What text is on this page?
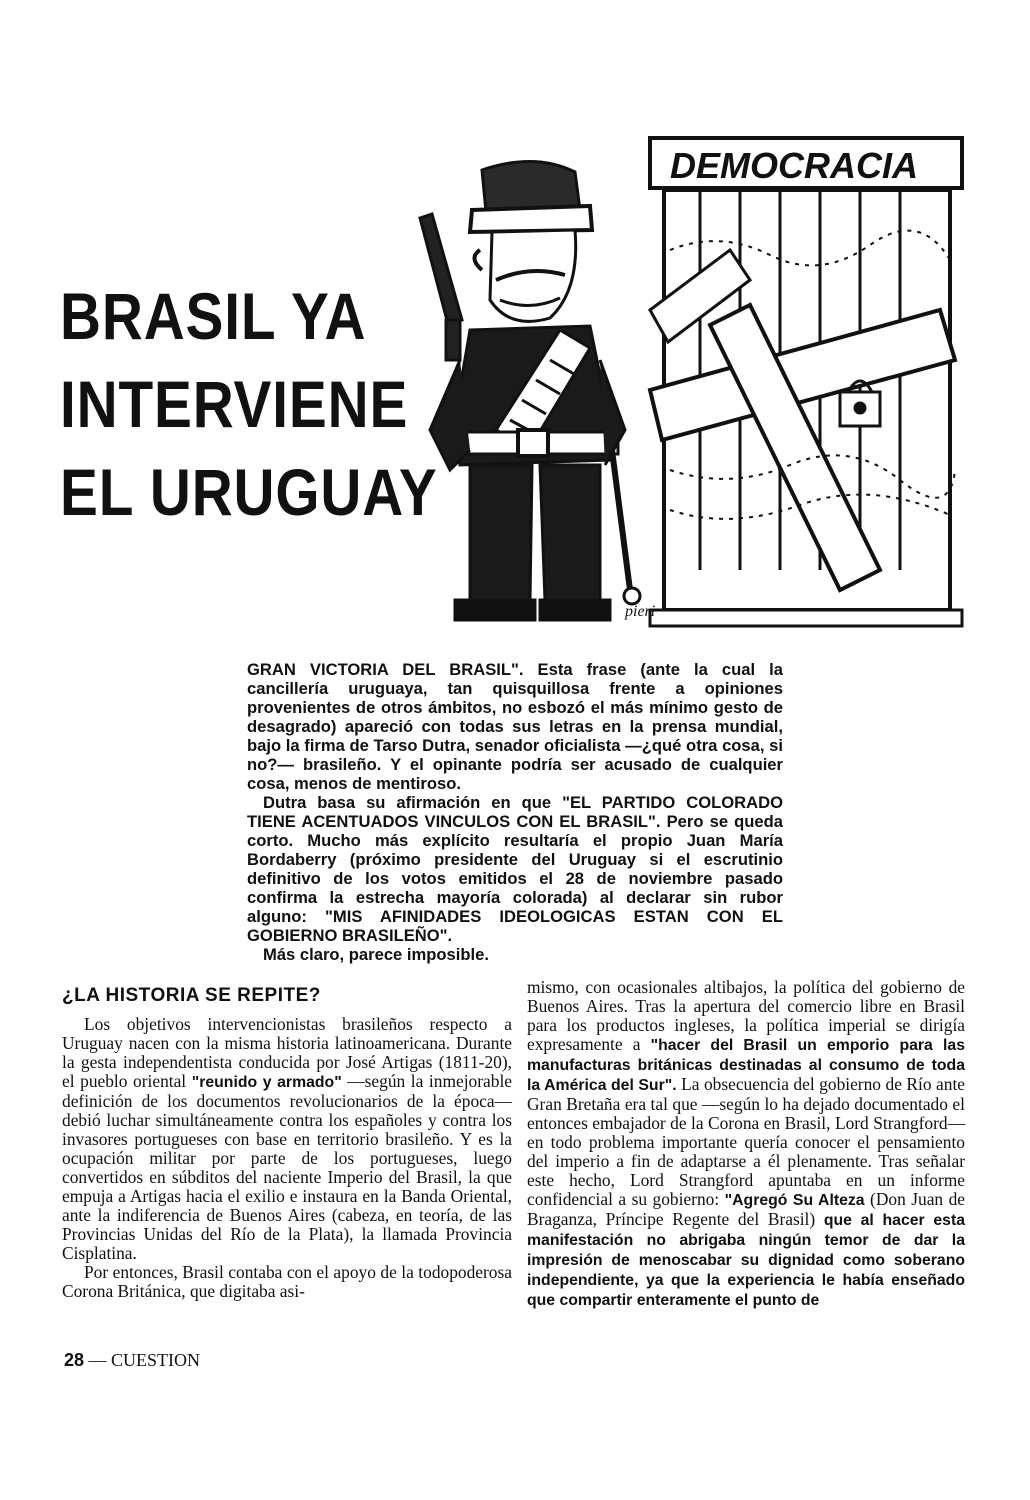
BRASIL YA
INTERVIENE
EL URUGUAY
DEMOCRACIA
pieri

GRAN VICTORIA DEL BRASIL". Esta frase (ante la cual la cancillería uruguaya, tan quisquillosa frente a opiniones provenientes de otros ámbitos, no esbozó el más mínimo gesto de desagrado) apareció con todas sus letras en la prensa mundial, bajo la firma de Tarso Dutra, senador oficialista —¿qué otra cosa, si no?— brasileño. Y el opinante podría ser acusado de cualquier cosa, menos de mentiroso.

Dutra basa su afirmación en que "EL PARTIDO COLORADO TIENE ACENTUADOS VINCULOS CON EL BRASIL". Pero se queda corto. Mucho más explícito resultaría el propio Juan María Bordaberry (próximo presidente del Uruguay si el escrutinio definitivo de los votos emitidos el 28 de noviembre pasado confirma la estrecha mayoría colorada) al declarar sin rubor alguno: "MIS AFINIDADES IDEOLOGICAS ESTAN CON EL GOBIERNO BRASILEÑO".

Más claro, parece imposible.

¿LA HISTORIA SE REPITE?

Los objetivos intervencionistas brasileños respecto a Uruguay nacen con la misma historia latinoamericana. Durante la gesta independentista conducida por José Artigas (1811-20), el pueblo oriental "reunido y armado" —según la inmejorable definición de los documentos revolucionarios de la época— debió luchar simultáneamente contra los españoles y contra los invasores portugueses con base en territorio brasileño. Y es la ocupación militar por parte de los portugueses, luego convertidos en súbditos del naciente Imperio del Brasil, la que empuja a Artigas hacia el exilio e instaura en la Banda Oriental, ante la indiferencia de Buenos Aires (cabeza, en teoría, de las Provincias Unidas del Río de la Plata), la llamada Provincia Cisplatina.

Por entonces, Brasil contaba con el apoyo de la todopoderosa Corona Británica, que digitaba asi-

mismo, con ocasionales altibajos, la política del gobierno de Buenos Aires. Tras la apertura del comercio libre en Brasil para los productos ingleses, la política imperial se dirigía expresamente a "hacer del Brasil un emporio para las manufacturas británicas destinadas al consumo de toda la América del Sur". La obsecuencia del gobierno de Río ante Gran Bretaña era tal que —según lo ha dejado documentado el entonces embajador de la Corona en Brasil, Lord Strangford— en todo problema importante quería conocer el pensamiento del imperio a fin de adaptarse a él plenamente. Tras señalar este hecho, Lord Strangford apuntaba en un informe confidencial a su gobierno: "Agregó Su Alteza (Don Juan de Braganza, Príncipe Regente del Brasil) que al hacer esta manifestación no abrigaba ningún temor de dar la impresión de menoscabar su dignidad como soberano independiente, ya que la experiencia le había enseñado que compartir enteramente el punto de

28 — CUESTION
